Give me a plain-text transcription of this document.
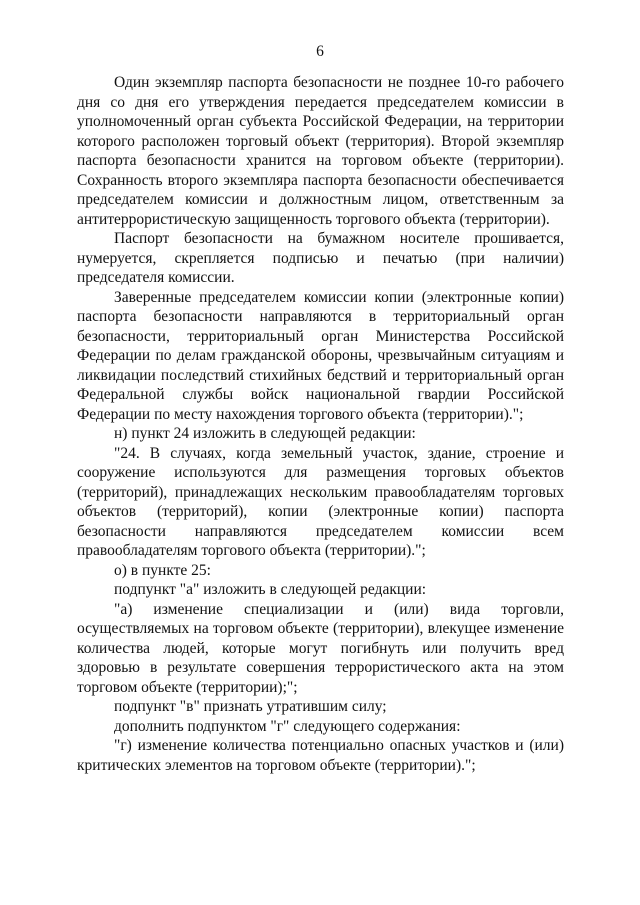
6

Один экземпляр паспорта безопасности не позднее 10-го рабочего дня со дня его утверждения передается председателем комиссии в уполномоченный орган субъекта Российской Федерации, на территории которого расположен торговый объект (территория). Второй экземпляр паспорта безопасности хранится на торговом объекте (территории). Сохранность второго экземпляра паспорта безопасности обеспечивается председателем комиссии и должностным лицом, ответственным за антитеррористическую защищенность торгового объекта (территории).

Паспорт безопасности на бумажном носителе прошивается, нумеруется, скрепляется подписью и печатью (при наличии) председателя комиссии.

Заверенные председателем комиссии копии (электронные копии) паспорта безопасности направляются в территориальный орган безопасности, территориальный орган Министерства Российской Федерации по делам гражданской обороны, чрезвычайным ситуациям и ликвидации последствий стихийных бедствий и территориальный орган Федеральной службы войск национальной гвардии Российской Федерации по месту нахождения торгового объекта (территории).";

н) пункт 24 изложить в следующей редакции:

"24. В случаях, когда земельный участок, здание, строение и сооружение используются для размещения торговых объектов (территорий), принадлежащих нескольким правообладателям торговых объектов (территорий), копии (электронные копии) паспорта безопасности направляются председателем комиссии всем правообладателям торгового объекта (территории).";

о) в пункте 25:

подпункт "а" изложить в следующей редакции:

"а) изменение специализации и (или) вида торговли, осуществляемых на торговом объекте (территории), влекущее изменение количества людей, которые могут погибнуть или получить вред здоровью в результате совершения террористического акта на этом торговом объекте (территории);";

подпункт "в" признать утратившим силу;

дополнить подпунктом "г" следующего содержания:

"г) изменение количества потенциально опасных участков и (или) критических элементов на торговом объекте (территории).";
